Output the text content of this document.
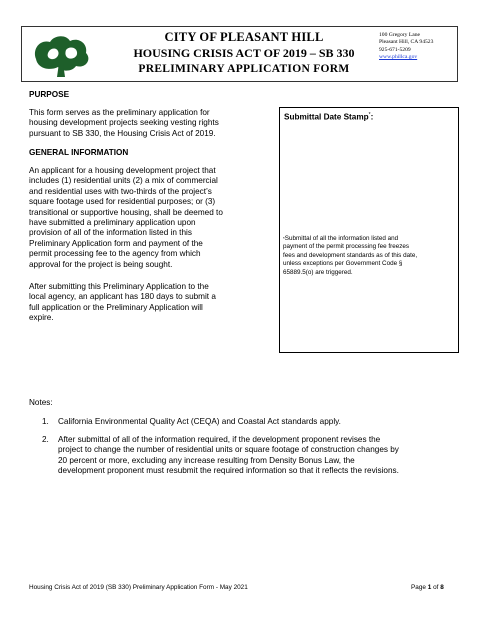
CITY OF PLEASANT HILL
HOUSING CRISIS ACT OF 2019 – SB 330
PRELIMINARY APPLICATION FORM
100 Gregory Lane
Pleasant Hill, CA 94523
925-671-5209
www.phillca.gov
PURPOSE
This form serves as the preliminary application for
housing development projects seeking vesting rights
pursuant to SB 330, the Housing Crisis Act of 2019.
GENERAL INFORMATION
An applicant for a housing development project that
includes (1) residential units (2) a mix of commercial
and residential uses with two-thirds of the project’s
square footage used for residential purposes; or (3)
transitional or supportive housing, shall be deemed to
have submitted a preliminary application upon
provision of all of the information listed in this
Preliminary Application form and payment of the
permit processing fee to the agency from which
approval for the project is being sought.
After submitting this Preliminary Application to the
local agency, an applicant has 180 days to submit a
full application or the Preliminary Application will
expire.
Submittal Date Stamp*:
*Submittal of all the information listed and
payment of the permit processing fee freezes
fees and development standards as of this date,
unless exceptions per Government Code §
65889.5(o) are triggered.
Notes:
1. California Environmental Quality Act (CEQA) and Coastal Act standards apply.
2. After submittal of all of the information required, if the development proponent revises the
project to change the number of residential units or square footage of construction changes by
20 percent or more, excluding any increase resulting from Density Bonus Law, the
development proponent must resubmit the required information so that it reflects the revisions.
Housing Crisis Act of 2019 (SB 330) Preliminary Application Form - May 2021	Page 1 of 8
